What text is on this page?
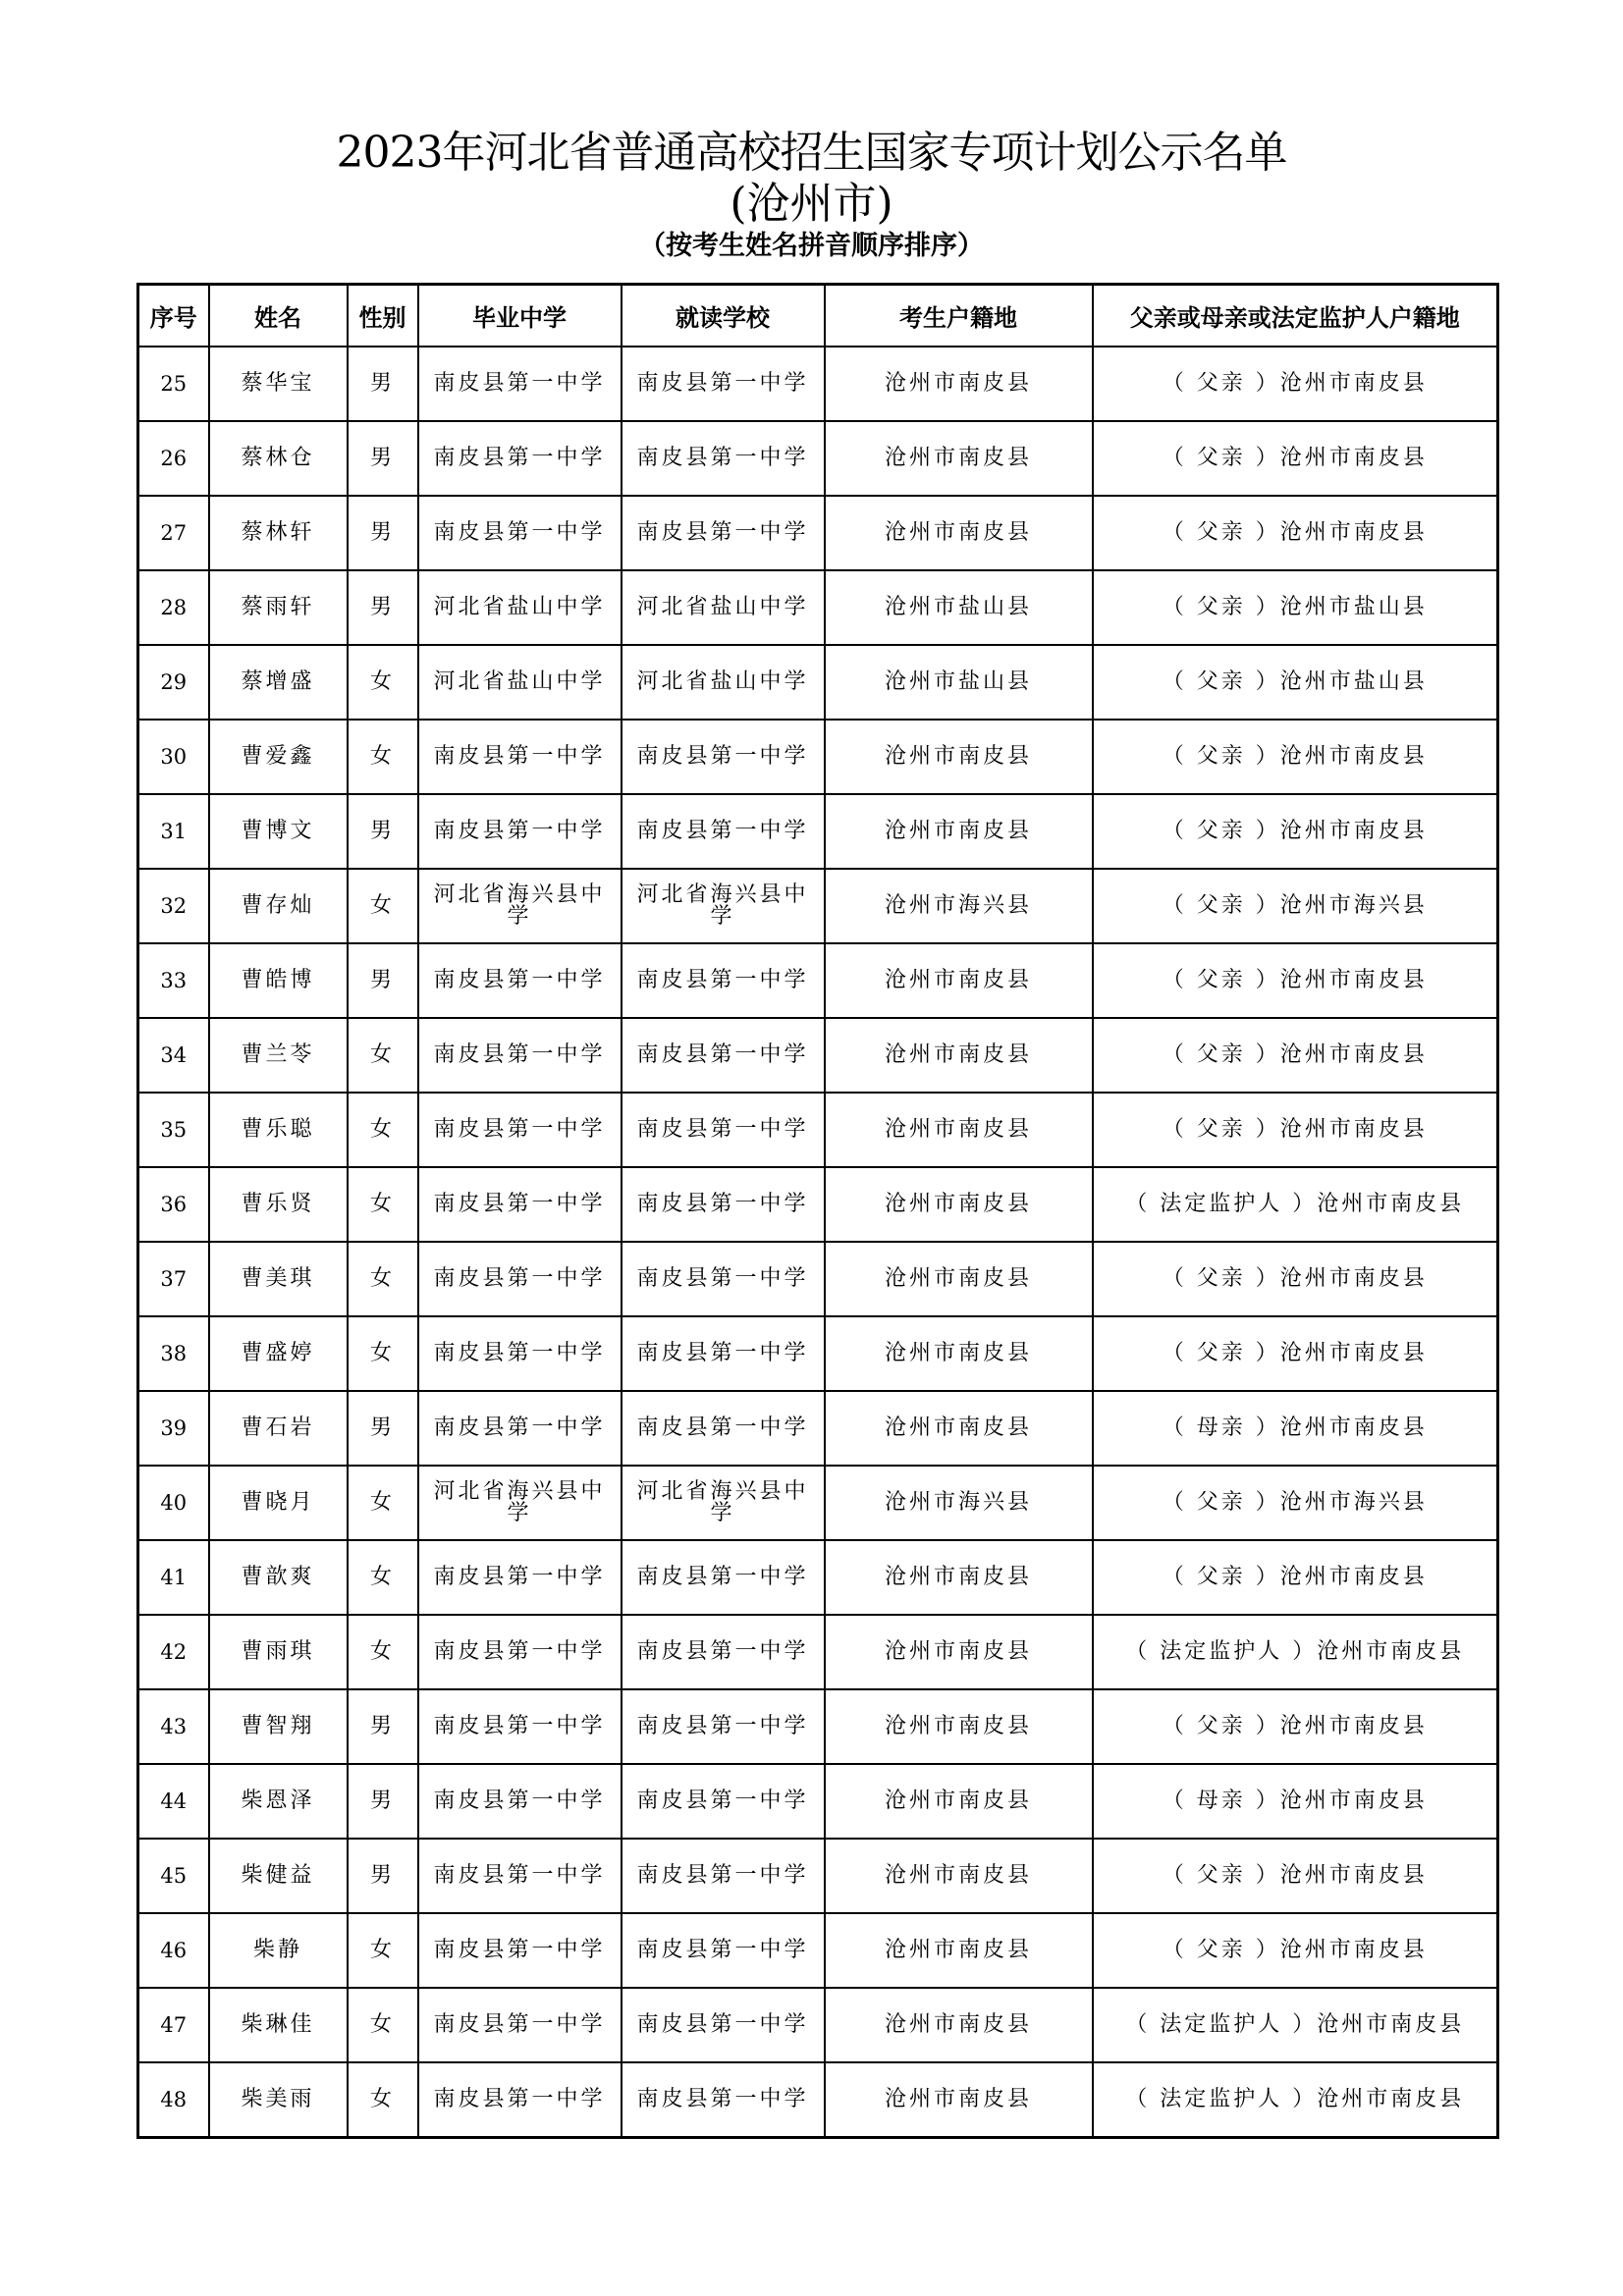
2023年河北省普通高校招生国家专项计划公示名单
(沧州市)
（按考生姓名拼音顺序排序）
序号	姓名	性别	毕业中学	就读学校	考生户籍地	父亲或母亲或法定监护人户籍地
25	蔡华宝	男	南皮县第一中学	南皮县第一中学	沧州市南皮县	（ 父亲 ）沧州市南皮县
26	蔡林仓	男	南皮县第一中学	南皮县第一中学	沧州市南皮县	（ 父亲 ）沧州市南皮县
27	蔡林轩	男	南皮县第一中学	南皮县第一中学	沧州市南皮县	（ 父亲 ）沧州市南皮县
28	蔡雨轩	男	河北省盐山中学	河北省盐山中学	沧州市盐山县	（ 父亲 ）沧州市盐山县
29	蔡增盛	女	河北省盐山中学	河北省盐山中学	沧州市盐山县	（ 父亲 ）沧州市盐山县
30	曹爱鑫	女	南皮县第一中学	南皮县第一中学	沧州市南皮县	（ 父亲 ）沧州市南皮县
31	曹博文	男	南皮县第一中学	南皮县第一中学	沧州市南皮县	（ 父亲 ）沧州市南皮县
32	曹存灿	女	河北省海兴县中学	河北省海兴县中学	沧州市海兴县	（ 父亲 ）沧州市海兴县
33	曹皓博	男	南皮县第一中学	南皮县第一中学	沧州市南皮县	（ 父亲 ）沧州市南皮县
34	曹兰苓	女	南皮县第一中学	南皮县第一中学	沧州市南皮县	（ 父亲 ）沧州市南皮县
35	曹乐聪	女	南皮县第一中学	南皮县第一中学	沧州市南皮县	（ 父亲 ）沧州市南皮县
36	曹乐贤	女	南皮县第一中学	南皮县第一中学	沧州市南皮县	（ 法定监护人 ）沧州市南皮县
37	曹美琪	女	南皮县第一中学	南皮县第一中学	沧州市南皮县	（ 父亲 ）沧州市南皮县
38	曹盛婷	女	南皮县第一中学	南皮县第一中学	沧州市南皮县	（ 父亲 ）沧州市南皮县
39	曹石岩	男	南皮县第一中学	南皮县第一中学	沧州市南皮县	（ 母亲 ）沧州市南皮县
40	曹晓月	女	河北省海兴县中学	河北省海兴县中学	沧州市海兴县	（ 父亲 ）沧州市海兴县
41	曹歆爽	女	南皮县第一中学	南皮县第一中学	沧州市南皮县	（ 父亲 ）沧州市南皮县
42	曹雨琪	女	南皮县第一中学	南皮县第一中学	沧州市南皮县	（ 法定监护人 ）沧州市南皮县
43	曹智翔	男	南皮县第一中学	南皮县第一中学	沧州市南皮县	（ 父亲 ）沧州市南皮县
44	柴恩泽	男	南皮县第一中学	南皮县第一中学	沧州市南皮县	（ 母亲 ）沧州市南皮县
45	柴健益	男	南皮县第一中学	南皮县第一中学	沧州市南皮县	（ 父亲 ）沧州市南皮县
46	柴静	女	南皮县第一中学	南皮县第一中学	沧州市南皮县	（ 父亲 ）沧州市南皮县
47	柴琳佳	女	南皮县第一中学	南皮县第一中学	沧州市南皮县	（ 法定监护人 ）沧州市南皮县
48	柴美雨	女	南皮县第一中学	南皮县第一中学	沧州市南皮县	（ 法定监护人 ）沧州市南皮县
